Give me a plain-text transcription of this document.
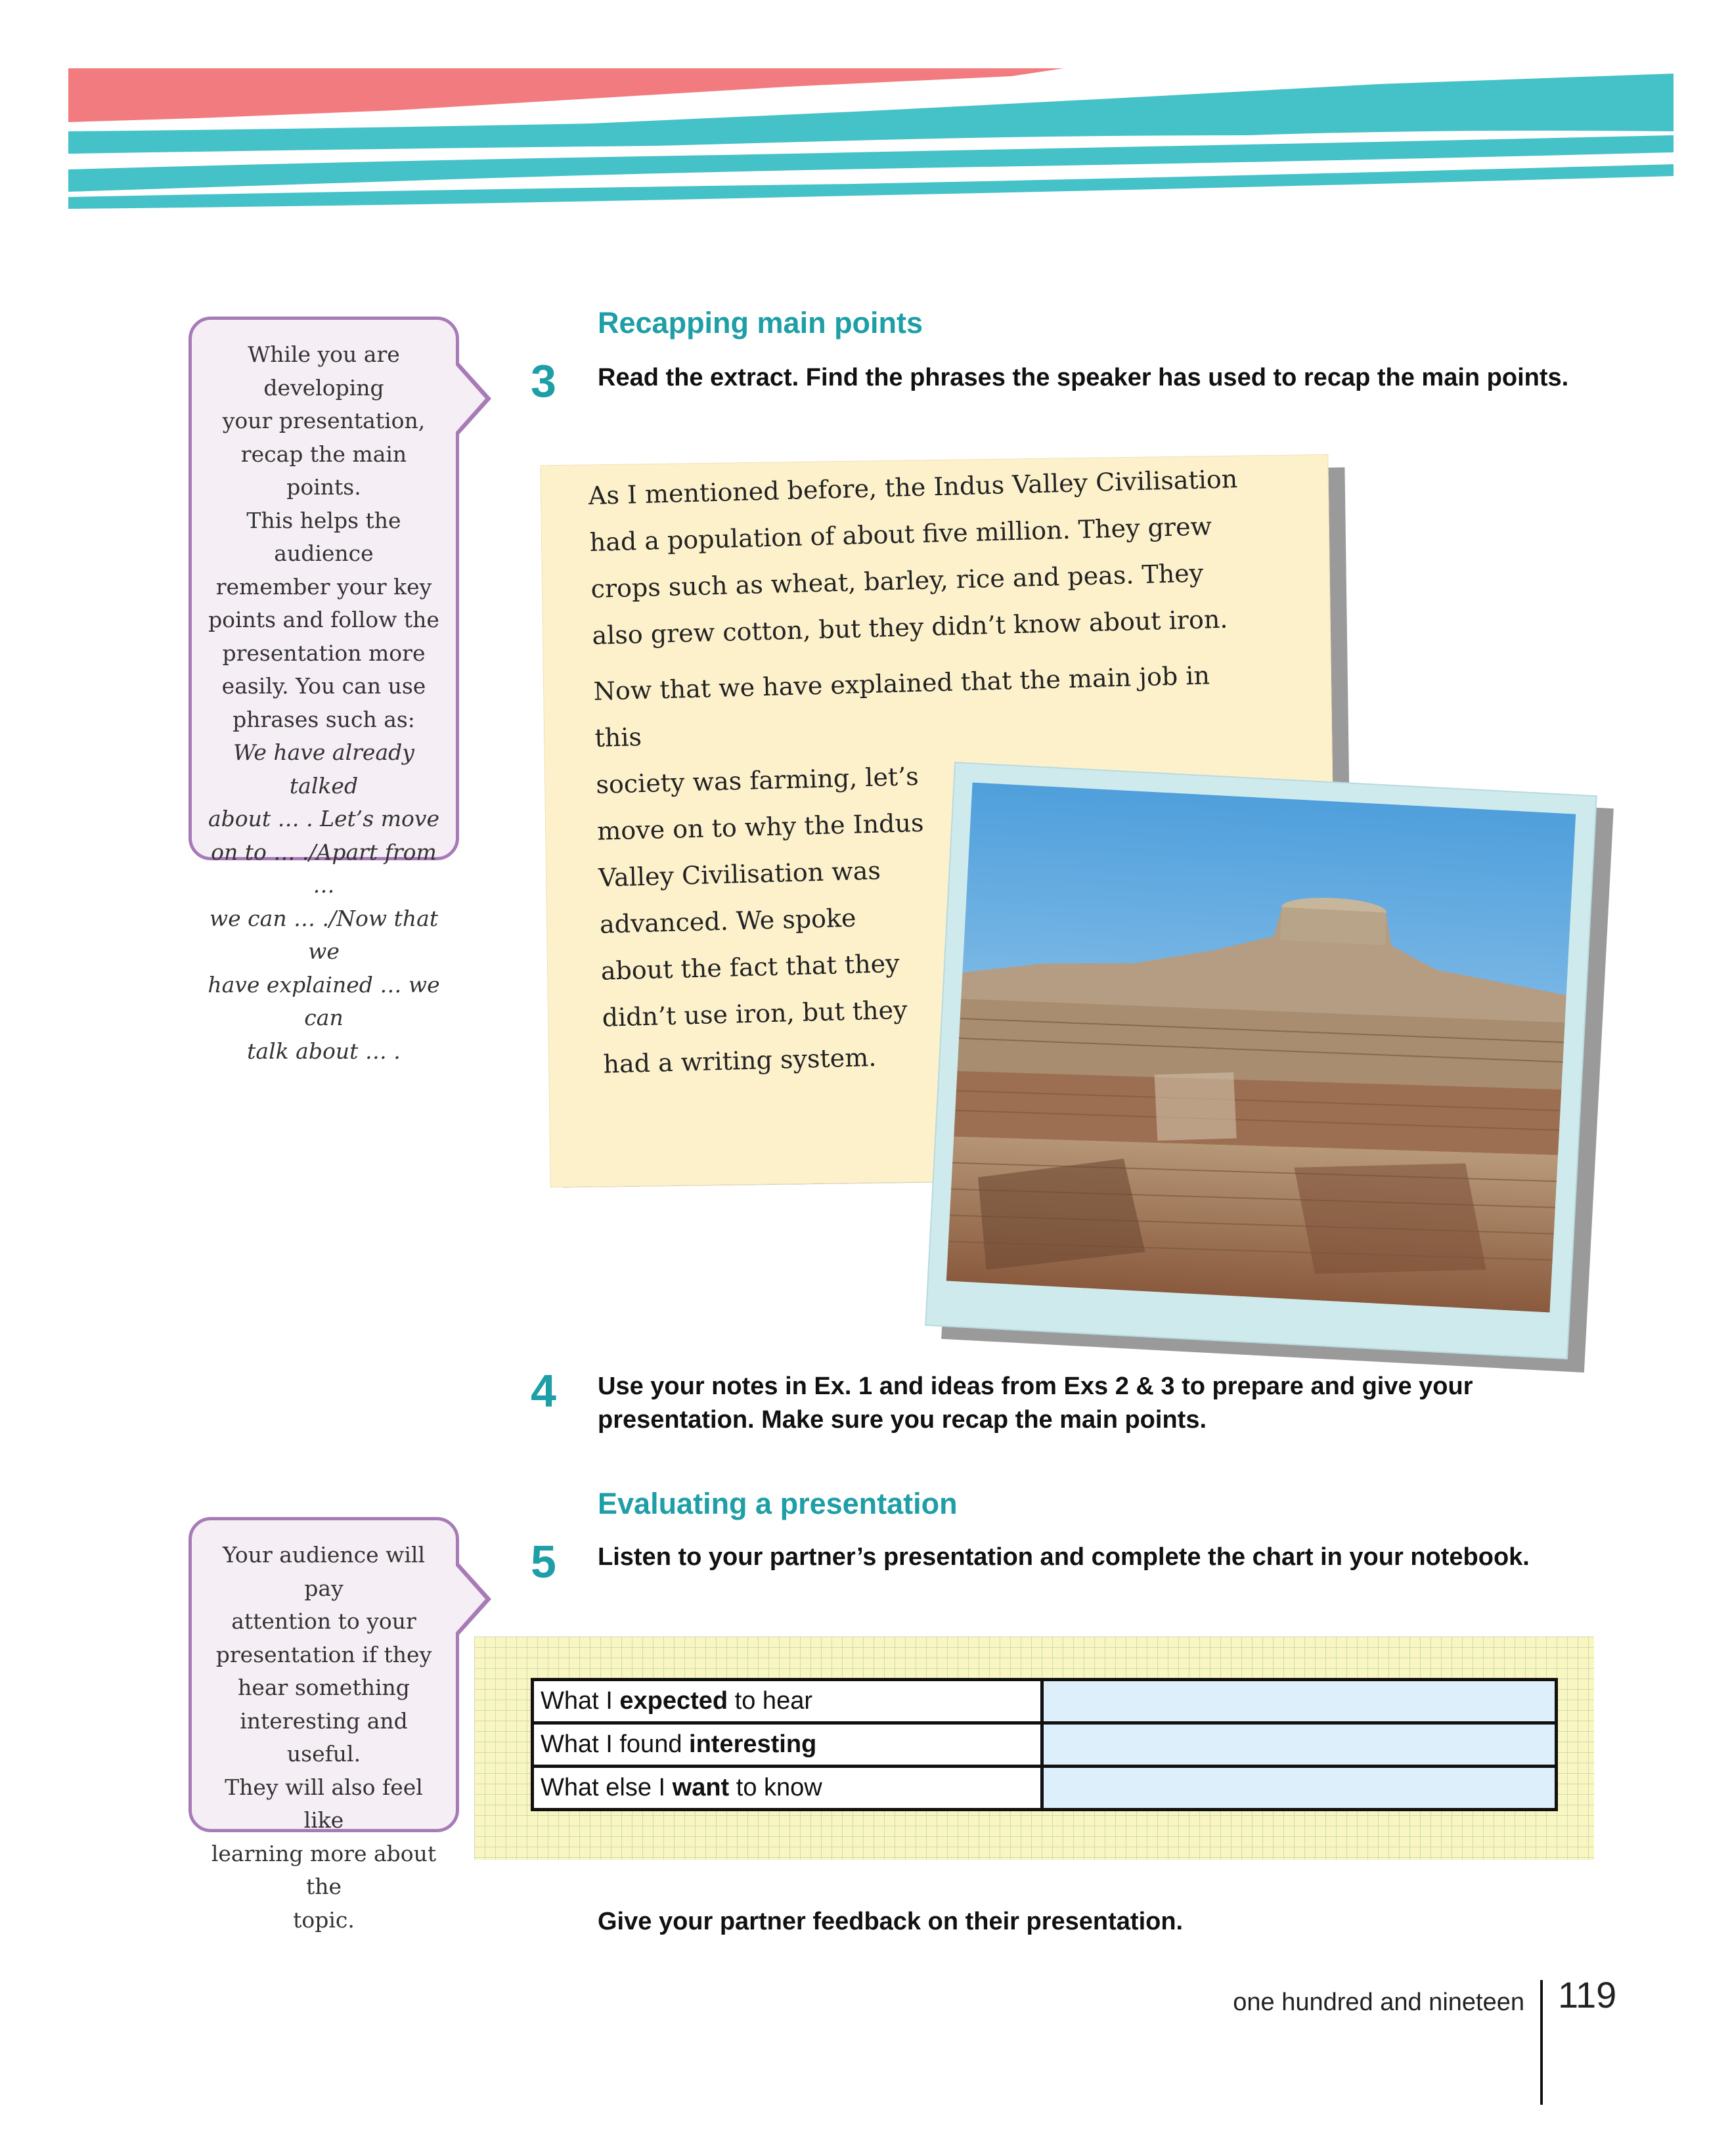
While you are developing
your presentation,
recap the main points.
This helps the audience
remember your key
points and follow the
presentation more
easily. You can use
phrases such as:
We have already talked
about … . Let’s move
on to … ./Apart from …
we can … ./Now that we
have explained … we can
talk about … .
Recapping main points
3 Read the extract. Find the phrases the speaker has used to recap the main points.

As I mentioned before, the Indus Valley Civilisation had a population of about five million. They grew crops such as wheat, barley, rice and peas. They also grew cotton, but they didn’t know about iron.

Now that we have explained that the main job in this
society was farming, let’s move on to why the Indus Valley Civilisation was advanced. We spoke about the fact that they didn’t use iron, but they had a writing system.

4 Use your notes in Ex. 1 and ideas from Exs 2 & 3 to prepare and give your presentation. Make sure you recap the main points.
Evaluating a presentation
Your audience will pay
attention to your
presentation if they
hear something
interesting and useful.
They will also feel like
learning more about the
topic.
5 Listen to your partner’s presentation and complete the chart in your notebook.
What I expected to hear	
What I found interesting	
What else I want to know	
Give your partner feedback on their presentation.
one hundred and nineteen 119
